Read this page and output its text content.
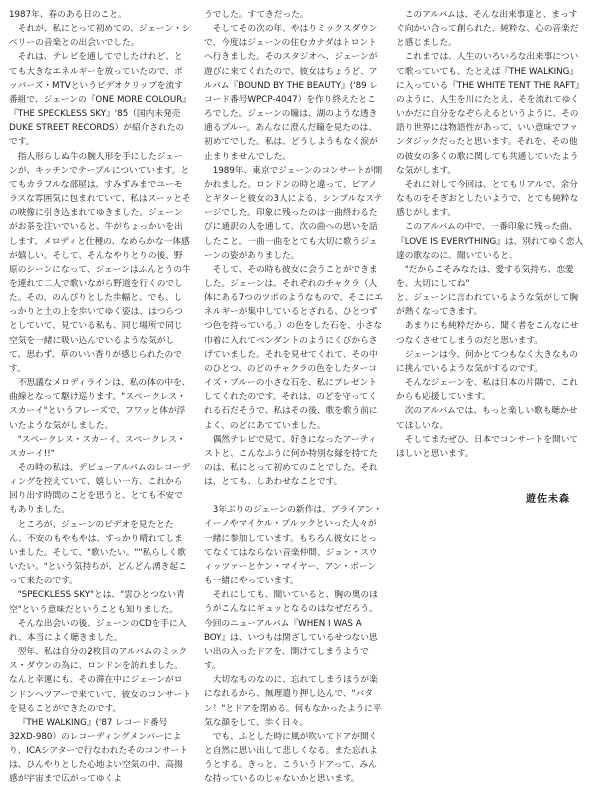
1987年、春のある日のこと。

それが、私にとって初めての、ジェーン・シベリーの音楽との出会いでした。

それは、テレビを通してでしたけれど、とても大きなエネルギーを放っていたので、ポッパーズ・MTVというビデオクリップを流す番組で、ジェーンの『ONE MORE COLOUR』『THE SPECKLESS SKY』'85（国内未発売 DUKE STREET RECORDS）が紹介されたのです。

指人形らしぬ牛の腕人形を手にしたジェーンが、キッチンでテーブルについています。とてもカラフルな部屋は、すみずみまでユーモラスな雰囲気に包まれていて、私はスーッとその映像に引き込まれてゆきました。ジェーンがお茶を注いでいると、牛がちょっかいを出します。メロディと仕種の、なめらかな一体感が嬉しい。そして、そんなやりとりの後、野原のシーンになって、ジェーンはふんとうの牛を連れて二人で歌いながら野道を行くのでした。その、のんびりとした歩幅と、でも、しっかりと土の上を歩いてゆく姿は、はつらつとしていて、見ている私も、同じ場所で同じ空気を一緒に吸い込んでいるような気がして、思わず、草のいい香りが感じられたのです。

不思議なメロディラインは、私の体の中を、曲線となって駆け巡ります。"スペークレス・スカーイ"というフレーズで、フワッと体が浮いたような気がしました。

"スペークレス・スカーイ、スペークレス・スカーイ!!"

その時の私は、デビューアルバムのレコーディングを控えていて、嬉しい一方、これから回り出す時間のことを思うと、とても不安でもありました。

ところが、ジェーンのビデオを見たとたん、不安のもやもやは、すっかり晴れてしまいました。そして、"歌いたい。""私らしく歌いたい。"という気持ちが、どんどん湧き起こって来たのです。

"SPECKLESS SKY"とは、"雲ひとつない青空"という意味だということも知りました。

そんな出会いの後、ジェーンのCDを手に入れ、本当によく聴きました。

翌年、私は自分の2枚目のアルバムのミックス・ダウンの為に、ロンドンを訪れました。なんと幸運にも、その滞在中にジェーンがロンドンへツアーで来ていて、彼女のコンサートを見ることができたのです。

『THE WALKING』('87 レコード番号32XD-980）のレコーディングメンバーにより、ICAシアターで行なわれたそのコンサートは、ひんやりとした心地よい空気の中、高揚感が宇宙まで広がってゆくよ

うでした。すてきだった。

そしてその次の年、やはりミックスダウンで、今度はジェーンの住むカナダはトロントへ行きました。そのスタジオへ、ジェーンが遊びに来てくれたので、彼女はちょうど、アルバム『BOUND BY THE BEAUTY』('89 レコード番号WPCP-4047）を作り終えたところでした。ジェーンの瞳は、湖のような透き通るブルー。あんなに澄んだ瞳を見たのは、初めてでした。私は、どうしようもなく涙が止まりませんでした。

1989年、東京でジェーンのコンサートが開かれました。ロンドンの時と違って、ピアノとギターと彼女の3人による、シンプルなステージでした。印象に残ったのは一曲終わるたびに通訳の人を通して、次の曲への思いを話したこと。一曲一曲をとても大切に歌うジェーンの姿がありました。

そして、その時も彼女に会うことができました。ジェーンは、それぞれのチャクラ（人体にある7つのツボのようなもので、そこにエネルギーが集中しているとされる、ひとつずつ色を持っている。）の色をした石を、小さな巾着に入れてペンダントのようにくびからさげていました。それを見せてくれて、その中のひとつ、のどのチャクラの色をしたターコイズ・ブルーの小さな石を、私にプレゼントしてくれたのです。それは、のどを守ってくれる石だそうで、私はその後、歌を歌う前によく、のどにあてていました。

偶然テレビで見て、好きになったアーティストと、こんなふうに何か特別な縁を持てたのは、私にとって初めてのことでした。それは、とても、しあわせなことです。

3年ぶりのジェーンの新作は、ブライアン・イーノやマイケル・ブルックといった人々が一緒に参加しています。もちろん彼女にとってなくてはならない音楽仲間、ジョン・スウィッツァーとケン・マイヤー、アン・ボーンも一緒にやっています。

それにしても、聞いていると、胸の奥のほうがこんなにギュッとなるのはなぜだろう。今回のニューアルバム『WHEN I WAS A BOY』は、いつもは閉ざしているせつない思い出の入ったドアを、開けてしまうようです。

大切なものなのに、忘れてしまうほうが楽になれるから、無理遣り押し込んで、"バタン！"とドアを閉める。何もなかったように平気な顔をして、歩く日々。

でも、ふとした時に風が吹いてドアが開くと自然に思い出して悲しくなる。また忘れようとする。きっと、こういうドアって、みんな持っているのじゃないかと思います。

このアルバムは、そんな出来事達と、まっすぐ向かい合って創られた、純粋な、心の音楽だと感じました。

これまでは、人生のいろいろな出来事について歌っていても、たとえば『THE WALKING』に入っている『THE WHITE TENT THE RAFT』のように、人生を川にたとえ、そを流れてゆくいかだに自分をなぞらえるというように、その語り世界には物語性があって、いい意味でファンタジックだったと思います。それを、その他の彼女の多くの歌に関しても共通していたような気がします。

それに対して今回は、とてもリアルで、余分なものをそぎおとしたいようで、とても純粋な感じがします。

このアルバムの中で、一番印象に残った曲、『LOVE IS EVERYTHING』は、別れてゆく恋人達の歌なのに、聞いていると、

"だからこそみなたは、愛する気持ち、恋愛を、大切にしてね"

と、ジェーンに言われているような気がして胸が熱くなってきます。

あまりにも純粋だから、聞く者をこんなにせつなくさせてしまうのだと思います。

ジェーンは今、何かとてつもなく大きなものに挑んでいるような気がするのです。

そんなジェーンを、私は日本の片隅で、これからも応援しています。

次のアルバムでは、もっと楽しい歌も聴かせてほしいな。

そしてまたぜひ、日本でコンサートを開いてほしいと思います。

遊佐未森
